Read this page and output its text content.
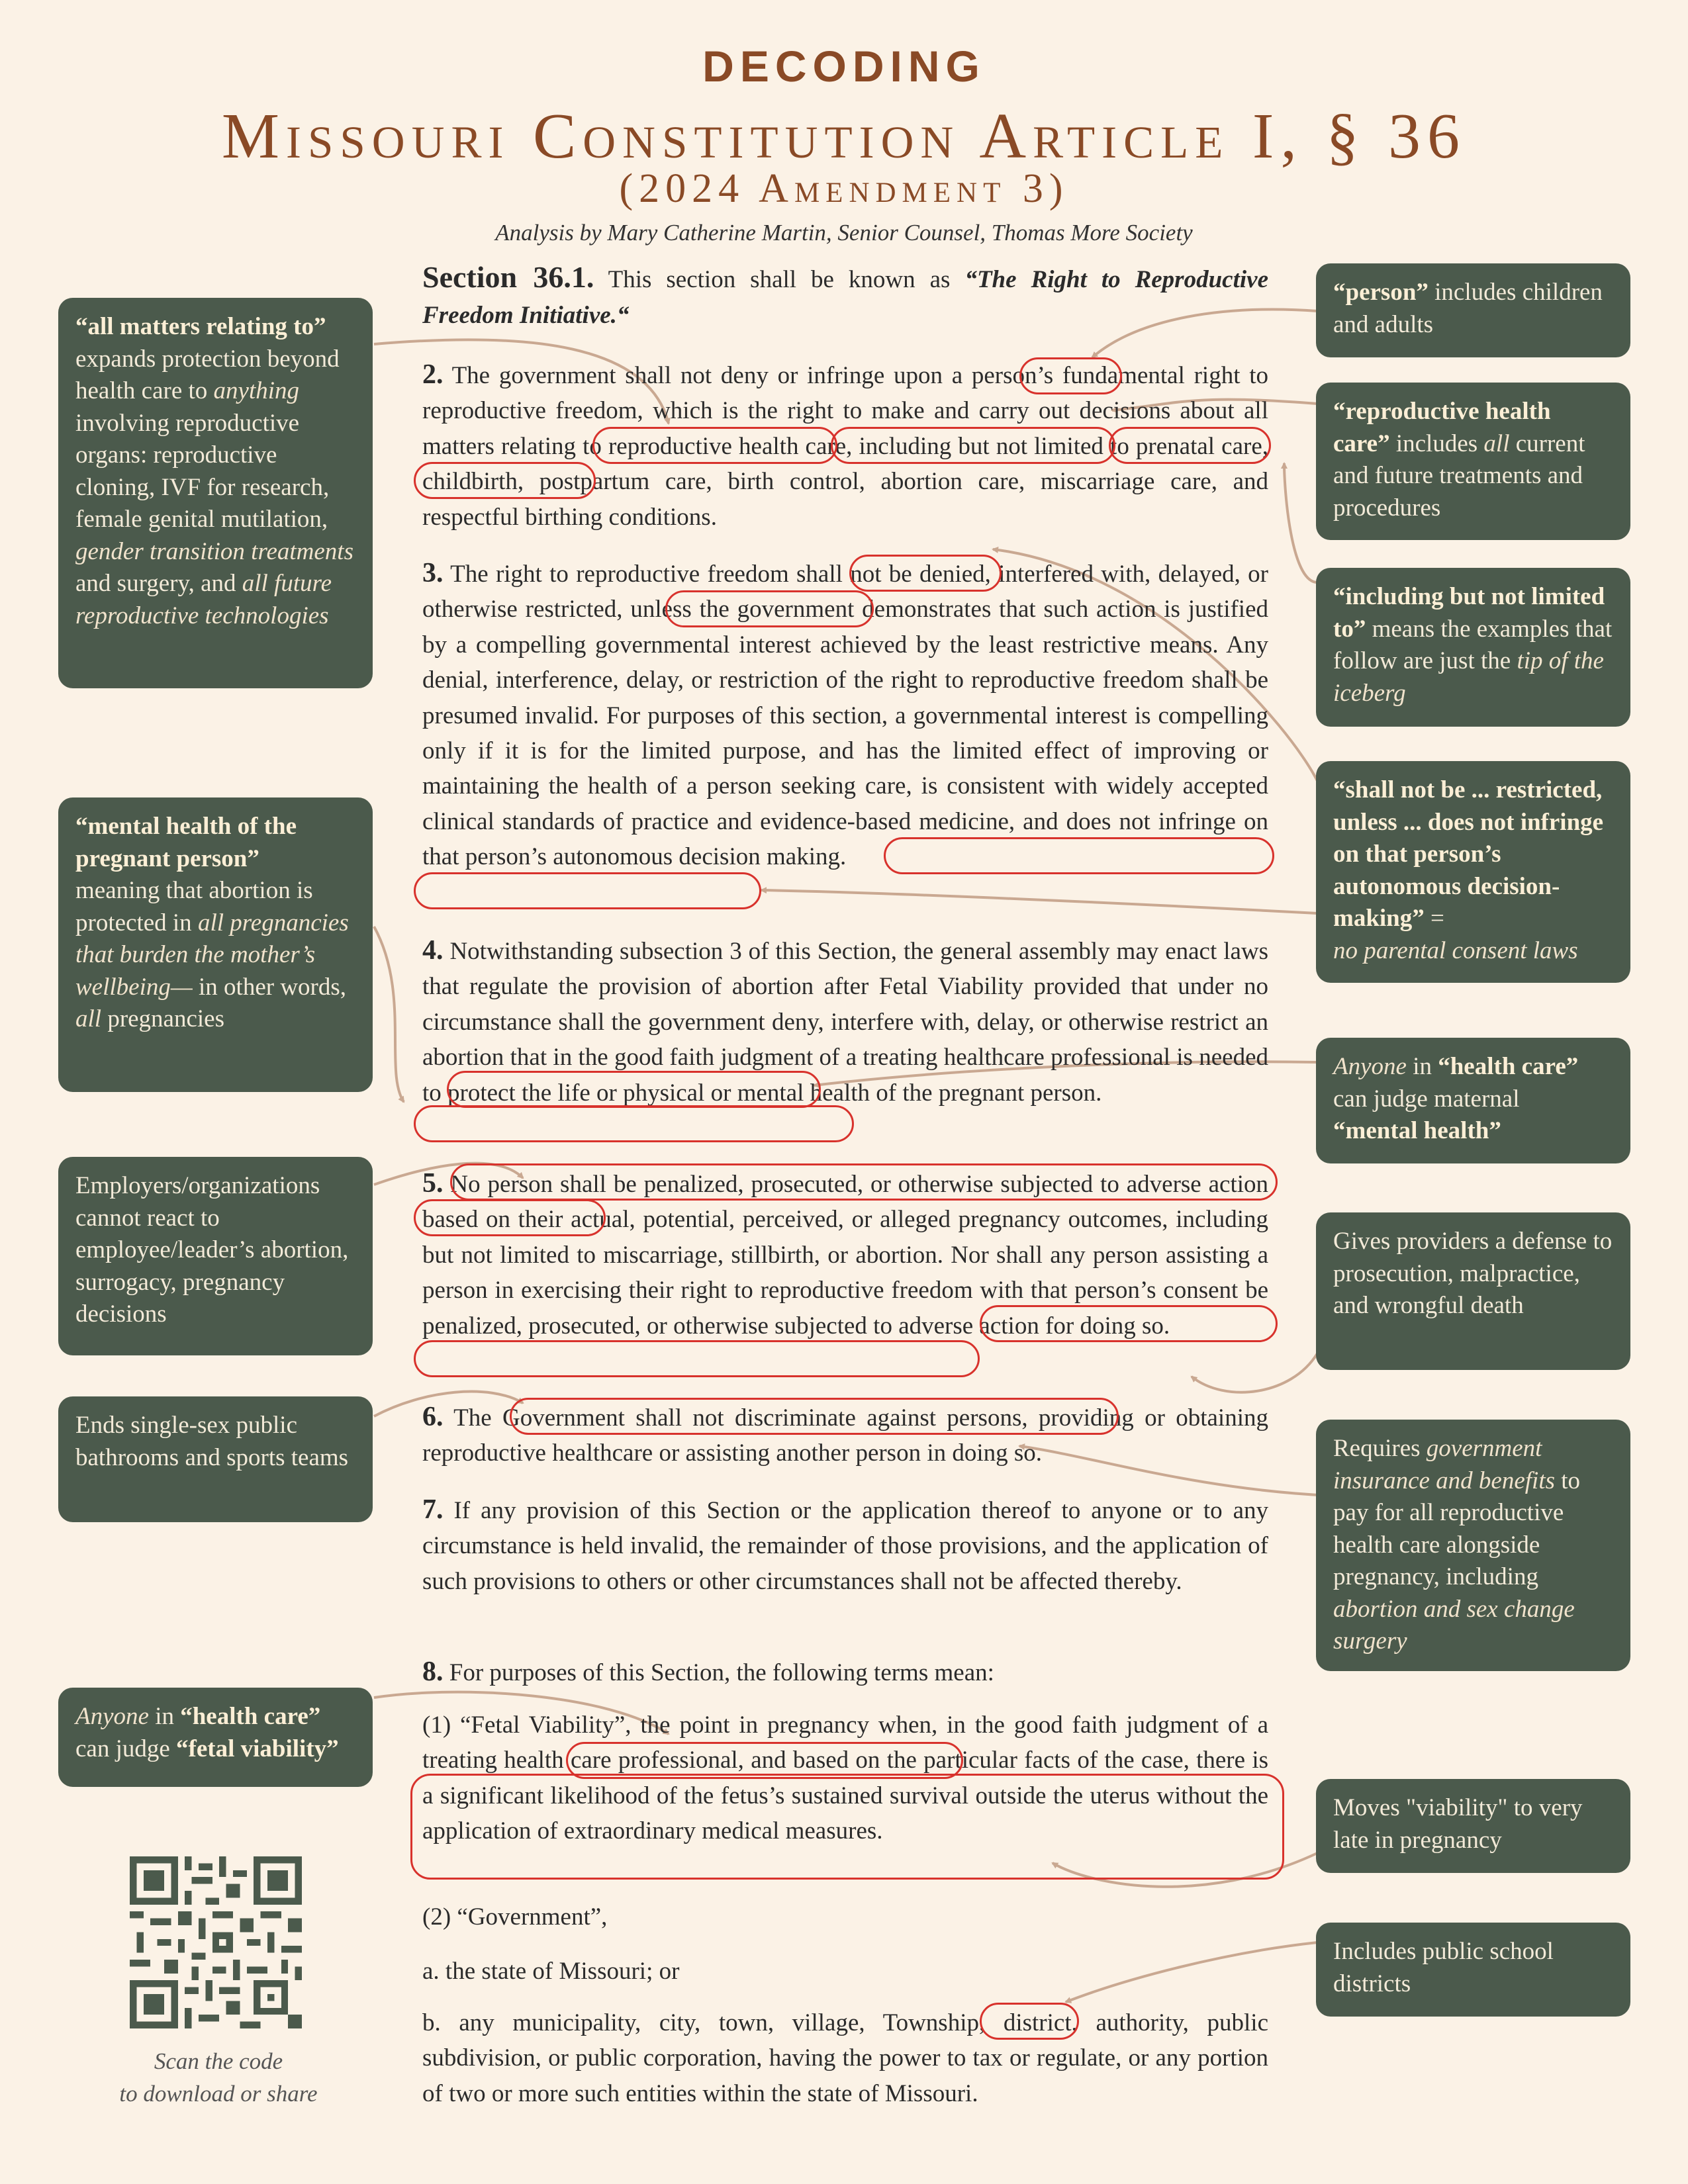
DECODING
Missouri Constitution Article I, § 36
(2024 Amendment 3)
Analysis by Mary Catherine Martin, Senior Counsel, Thomas More Society
Section 36.1. This section shall be known as “The Right to Reproductive Freedom Initiative.“
2. The government shall not deny or infringe upon a person’s fundamental right to reproductive freedom, which is the right to make and carry out decisions about all matters relating to reproductive health care, including but not limited to prenatal care, childbirth, postpartum care, birth control, abortion care, miscarriage care, and respectful birthing conditions.
3. The right to reproductive freedom shall not be denied, interfered with, delayed, or otherwise restricted, unless the government demonstrates that such action is justified by a compelling governmental interest achieved by the least restrictive means. Any denial, interference, delay, or restriction of the right to reproductive freedom shall be presumed invalid. For purposes of this section, a governmental interest is compelling only if it is for the limited purpose, and has the limited effect of improving or maintaining the health of a person seeking care, is consistent with widely accepted clinical standards of practice and evidence-based medicine, and does not infringe on that person’s autonomous decision making.
4. Notwithstanding subsection 3 of this Section, the general assembly may enact laws that regulate the provision of abortion after Fetal Viability provided that under no circumstance shall the government deny, interfere with, delay, or otherwise restrict an abortion that in the good faith judgment of a treating healthcare professional is needed to protect the life or physical or mental health of the pregnant person.
5. No person shall be penalized, prosecuted, or otherwise subjected to adverse action based on their actual, potential, perceived, or alleged pregnancy outcomes, including but not limited to miscarriage, stillbirth, or abortion. Nor shall any person assisting a person in exercising their right to reproductive freedom with that person’s consent be penalized, prosecuted, or otherwise subjected to adverse action for doing so.
6. The Government shall not discriminate against persons, providing or obtaining reproductive healthcare or assisting another person in doing so.
7. If any provision of this Section or the application thereof to anyone or to any circumstance is held invalid, the remainder of those provisions, and the application of such provisions to others or other circumstances shall not be affected thereby.
8. For purposes of this Section, the following terms mean:
(1) “Fetal Viability”, the point in pregnancy when, in the good faith judgment of a treating health care professional, and based on the particular facts of the case, there is a significant likelihood of the fetus’s sustained survival outside the uterus without the application of extraordinary medical measures.
(2) “Government”,
a. the state of Missouri; or
b. any municipality, city, town, village, Township, district, authority, public subdivision, or public corporation, having the power to tax or regulate, or any portion of two or more such entities within the state of Missouri.
“all matters relating to”
expands protection beyond health care to anything involving reproductive organs: reproductive cloning, IVF for research, female genital mutilation, gender transition treatments and surgery, and all future reproductive technologies
“mental health of the pregnant person”
meaning that abortion is protected in all pregnancies that burden the mother’s wellbeing— in other words, all pregnancies
Employers/organizations cannot react to employee/leader’s abortion, surrogacy, pregnancy decisions
Ends single-sex public bathrooms and sports teams
Anyone in “health care”
can judge “fetal viability”
“person” includes children and adults
“reproductive health care” includes all current and future treatments and procedures
“including but not limited to” means the examples that follow are just the tip of the iceberg
“shall not be ... restricted, unless ... does not infringe on that person’s autonomous decision-making” =
no parental consent laws
Anyone in “health care”
can judge maternal
“mental health”
Gives providers a defense to prosecution, malpractice, and wrongful death
Requires government insurance and benefits to pay for all reproductive health care alongside pregnancy, including abortion and sex change surgery
Moves "viability" to very late in pregnancy
Includes public school districts
Scan the code
to download or share
